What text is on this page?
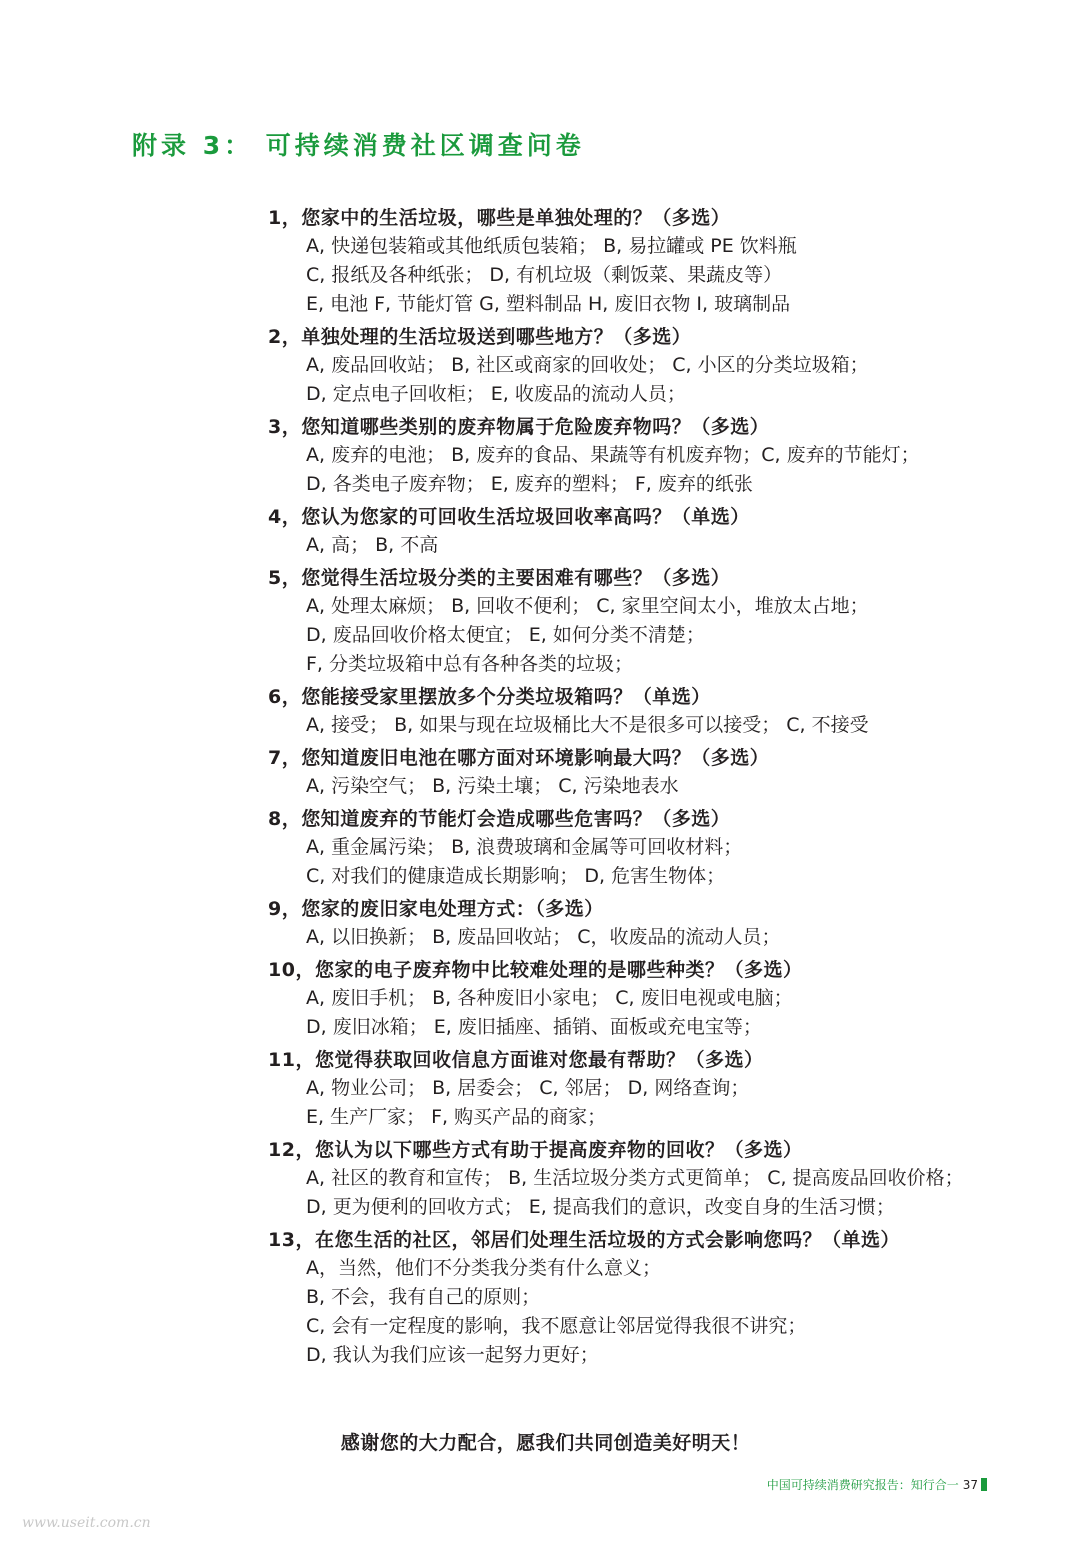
附录 3： 可持续消费社区调查问卷
1，您家中的生活垃圾，哪些是单独处理的？（多选）
A, 快递包装箱或其他纸质包装箱； B, 易拉罐或 PE 饮料瓶
C, 报纸及各种纸张； D, 有机垃圾（剩饭菜、果蔬皮等）
E, 电池 F, 节能灯管 G, 塑料制品 H, 废旧衣物 I, 玻璃制品
2，单独处理的生活垃圾送到哪些地方？（多选）
A, 废品回收站； B, 社区或商家的回收处； C, 小区的分类垃圾箱；
D, 定点电子回收柜； E, 收废品的流动人员；
3，您知道哪些类别的废弃物属于危险废弃物吗？（多选）
A, 废弃的电池； B, 废弃的食品、果蔬等有机废弃物；C, 废弃的节能灯；
D, 各类电子废弃物； E, 废弃的塑料； F, 废弃的纸张
4，您认为您家的可回收生活垃圾回收率高吗？（单选）
A, 高； B, 不高
5，您觉得生活垃圾分类的主要困难有哪些？（多选）
A, 处理太麻烦； B, 回收不便利； C, 家里空间太小，堆放太占地；
D, 废品回收价格太便宜； E, 如何分类不清楚；
F, 分类垃圾箱中总有各种各类的垃圾；
6，您能接受家里摆放多个分类垃圾箱吗？（单选）
A, 接受； B, 如果与现在垃圾桶比大不是很多可以接受； C, 不接受
7，您知道废旧电池在哪方面对环境影响最大吗？（多选）
A, 污染空气； B, 污染土壤； C, 污染地表水
8，您知道废弃的节能灯会造成哪些危害吗？（多选）
A, 重金属污染； B, 浪费玻璃和金属等可回收材料；
C, 对我们的健康造成长期影响； D, 危害生物体；
9，您家的废旧家电处理方式：（多选）
A, 以旧换新； B, 废品回收站； C，收废品的流动人员；
10，您家的电子废弃物中比较难处理的是哪些种类？（多选）
A, 废旧手机； B, 各种废旧小家电； C, 废旧电视或电脑；
D, 废旧冰箱； E, 废旧插座、插销、面板或充电宝等；
11，您觉得获取回收信息方面谁对您最有帮助？（多选）
A, 物业公司； B, 居委会； C, 邻居； D, 网络查询；
E, 生产厂家； F, 购买产品的商家；
12，您认为以下哪些方式有助于提高废弃物的回收？（多选）
A, 社区的教育和宣传； B, 生活垃圾分类方式更简单； C, 提高废品回收价格；
D, 更为便利的回收方式； E, 提高我们的意识，改变自身的生活习惯；
13，在您生活的社区，邻居们处理生活垃圾的方式会影响您吗？（单选）
A，当然，他们不分类我分类有什么意义；
B, 不会，我有自己的原则；
C, 会有一定程度的影响，我不愿意让邻居觉得我很不讲究；
D, 我认为我们应该一起努力更好；
感谢您的大力配合，愿我们共同创造美好明天！
中国可持续消费研究报告：知行合一 37
www.useit.com.cn
